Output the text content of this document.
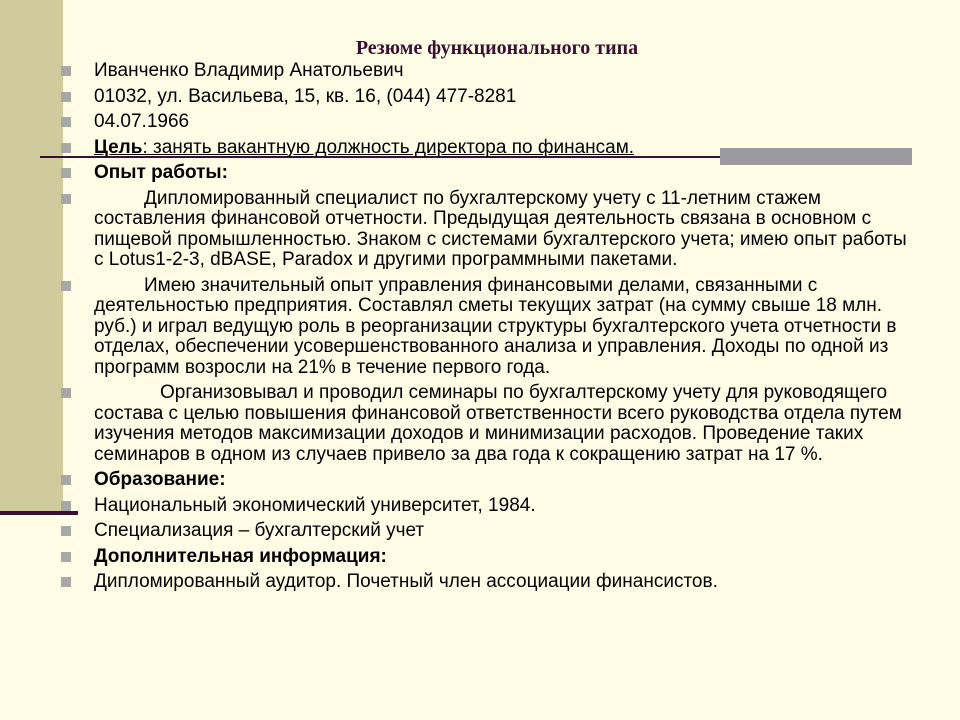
Резюме функционального типа
Иванченко Владимир Анатольевич
01032, ул. Васильева, 15, кв. 16, (044) 477-8281
04.07.1966
Цель: занять вакантную должность директора по финансам.
Опыт работы:
Дипломированный специалист по бухгалтерскому учету с 11-летним стажем составления финансовой отчетности. Предыдущая деятельность связана в основном с пищевой промышленностью. Знаком с системами бухгалтерского учета; имею опыт работы с Lotus1-2-3, dBASE, Paradox и другими программными пакетами.
Имею значительный опыт управления финансовыми делами, связанными с деятельностью предприятия. Составлял сметы текущих затрат (на сумму свыше 18 млн. руб.) и играл ведущую роль в реорганизации структуры бухгалтерского учета отчетности в отделах, обеспечении усовершенствованного анализа и управления. Доходы по одной из программ возросли на 21% в течение первого года.
Организовывал и проводил семинары по бухгалтерскому учету для руководящего состава с целью повышения финансовой ответственности всего руководства отдела путем изучения методов максимизации доходов и минимизации расходов. Проведение таких семинаров в одном из случаев привело за два года к сокращению затрат на 17 %.
Образование:
Национальный экономический университет, 1984.
Специализация – бухгалтерский учет
Дополнительная информация:
Дипломированный аудитор. Почетный член ассоциации финансистов.
